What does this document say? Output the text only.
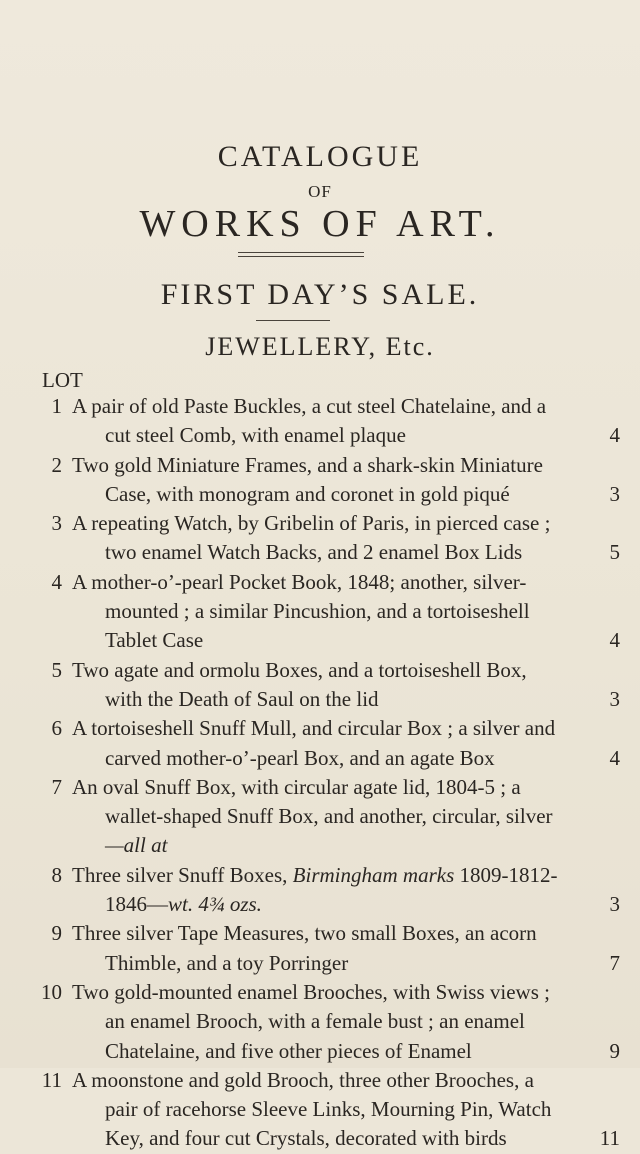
CATALOGUE
OF
WORKS OF ART.
FIRST DAY’S SALE.
JEWELLERY, Etc.
LOT
1 A pair of old Paste Buckles, a cut steel Chatelaine, and a
cut steel Comb, with enamel plaque	4
2 Two gold Miniature Frames, and a shark-skin Miniature
Case, with monogram and coronet in gold piqué	3
3 A repeating Watch, by Gribelin of Paris, in pierced case ;
two enamel Watch Backs, and 2 enamel Box Lids	5
4 A mother-o’-pearl Pocket Book, 1848; another, silver-
mounted ; a similar Pincushion, and a tortoiseshell
Tablet Case	4
5 Two agate and ormolu Boxes, and a tortoiseshell Box,
with the Death of Saul on the lid	3
6 A tortoiseshell Snuff Mull, and circular Box ; a silver and
carved mother-o’-pearl Box, and an agate Box	4
7 An oval Snuff Box, with circular agate lid, 1804-5 ; a
wallet-shaped Snuff Box, and another, circular, silver
—all at
8 Three silver Snuff Boxes, Birmingham marks 1809-1812-
1846—wt. 4¾ ozs.	3
9 Three silver Tape Measures, two small Boxes, an acorn
Thimble, and a toy Porringer	7
10 Two gold-mounted enamel Brooches, with Swiss views ;
an enamel Brooch, with a female bust ; an enamel
Chatelaine, and five other pieces of Enamel	9
11 A moonstone and gold Brooch, three other Brooches, a
pair of racehorse Sleeve Links, Mourning Pin, Watch
Key, and four cut Crystals, decorated with birds	11
